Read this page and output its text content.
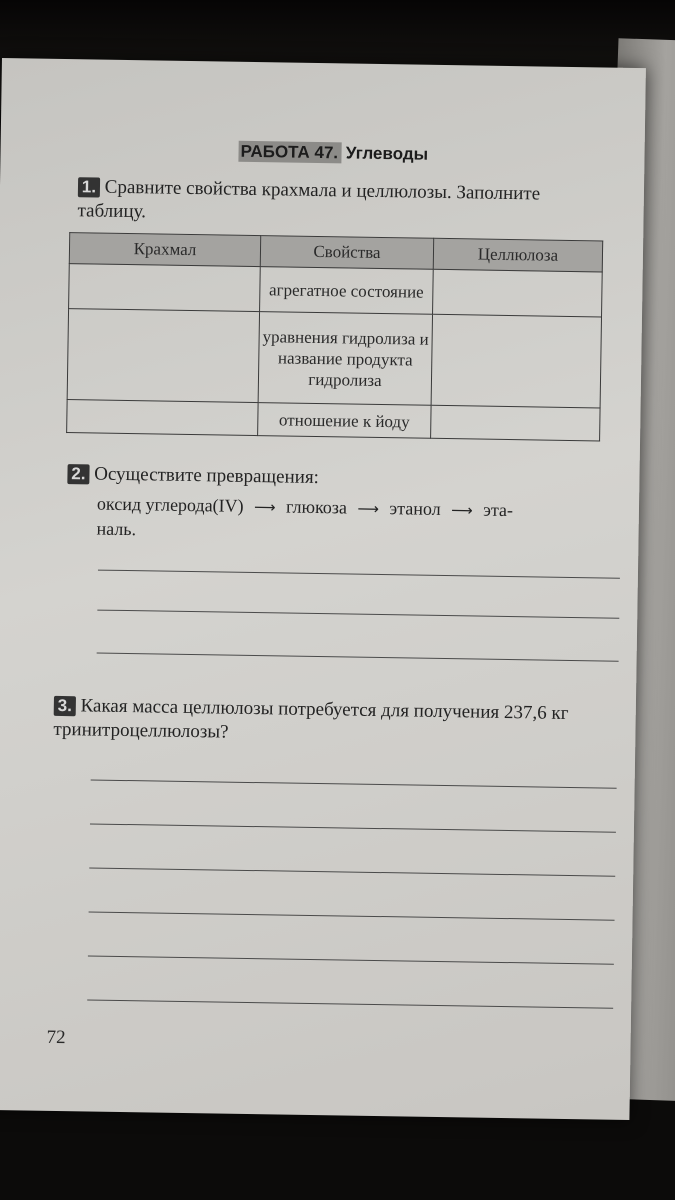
РАБОТА 47. Углеводы
1. Сравните свойства крахмала и целлюлозы. Заполните таблицу.
Крахмал	Свойства	Целлюлоза
	агрегатное состояние	
	уравнения гидролиза и название продукта гидролиза	
	отношение к йоду	
2. Осуществите превращения:
оксид углерода(IV) ⟶ глюкоза ⟶ этанол ⟶ эта-
наль.
3. Какая масса целлюлозы потребуется для получения 237,6 кг тринитроцеллюлозы?
72
